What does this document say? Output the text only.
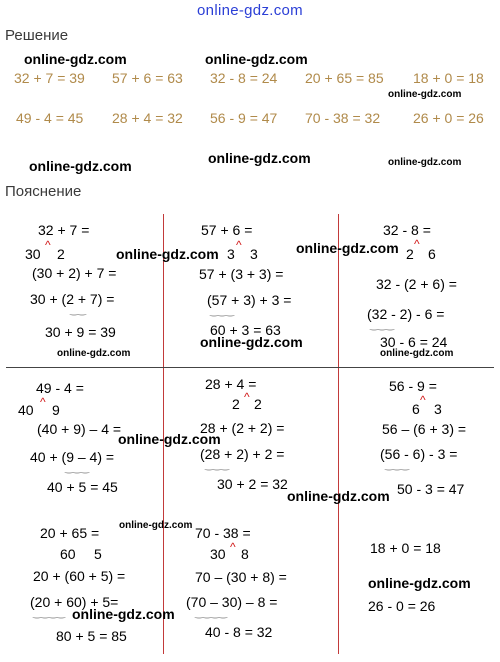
online-gdz.com
Решение
online-gdz.com	online-gdz.com
online-gdz.com
32 + 7 = 39 57 + 6 = 63 32 - 8 = 24 20 + 65 = 85 18 + 0 = 18
49 - 4 = 45 28 + 4 = 32 56 - 9 = 47 70 - 38 = 32 26 + 0 = 26
online-gdz.com	online-gdz.com	online-gdz.com
Пояснение
32 + 7 =
^
30 2
(30 + 2) + 7 =
30 + (2 + 7) =
‿‿
30 + 9 = 39
online-gdz.com
57 + 6 =
^
3 3
online-gdz.com
57 + (3 + 3) =
(57 + 3) + 3 =
‿‿‿
60 + 3 = 63
online-gdz.com
32 - 8 =
^
2 6
online-gdz.com
32 - (2 + 6) =
(32 - 2) - 6 =
‿‿‿
30 - 6 = 24
online-gdz.com
49 - 4 =
^
40 9
(40 + 9) – 4 =
online-gdz.com
40 + (9 – 4) =
‿‿‿
40 + 5 = 45
28 + 4 =
^
2 2
28 + (2 + 2) =
(28 + 2) + 2 =
‿‿‿
30 + 2 = 32
online-gdz.com
56 - 9 =
^
6 3
56 – (6 + 3) =
(56 - 6) - 3 =
‿‿‿
50 - 3 = 47
20 + 65 = online-gdz.com
60 5
20 + (60 + 5) =
(20 + 60) + 5=
‿‿‿‿ online-gdz.com
80 + 5 = 85
70 - 38 =
^
30 8
70 – (30 + 8) =
(70 – 30) – 8 =
‿‿‿‿
40 - 8 = 32
18 + 0 = 18
online-gdz.com
26 - 0 = 26
